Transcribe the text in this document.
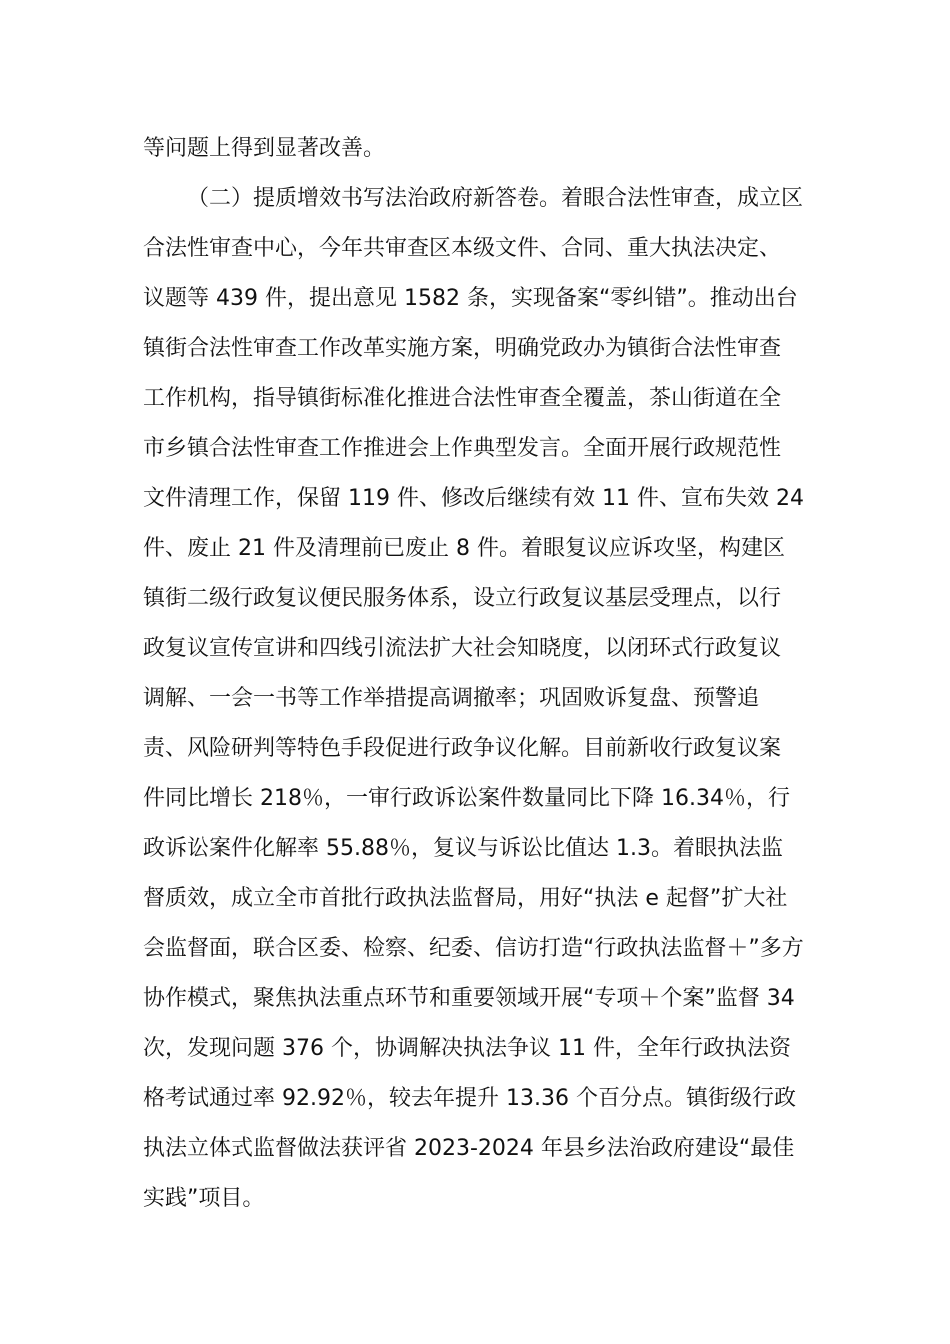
等问题上得到显著改善。
（二）提质增效书写法治政府新答卷。着眼合法性审查，成立区
合法性审查中心，今年共审查区本级文件、合同、重大执法决定、
议题等 439 件，提出意见 1582 条，实现备案“零纠错”。推动出台
镇街合法性审查工作改革实施方案，明确党政办为镇街合法性审查
工作机构，指导镇街标准化推进合法性审查全覆盖，茶山街道在全
市乡镇合法性审查工作推进会上作典型发言。全面开展行政规范性
文件清理工作，保留 119 件、修改后继续有效 11 件、宣布失效 24
件、废止 21 件及清理前已废止 8 件。着眼复议应诉攻坚，构建区
镇街二级行政复议便民服务体系，设立行政复议基层受理点，以行
政复议宣传宣讲和四线引流法扩大社会知晓度，以闭环式行政复议
调解、一会一书等工作举措提高调撤率；巩固败诉复盘、预警追
责、风险研判等特色手段促进行政争议化解。目前新收行政复议案
件同比增长 218％，一审行政诉讼案件数量同比下降 16.34％，行
政诉讼案件化解率 55.88％，复议与诉讼比值达 1.3。着眼执法监
督质效，成立全市首批行政执法监督局，用好“执法 e 起督”扩大社
会监督面，联合区委、检察、纪委、信访打造“行政执法监督＋”多方
协作模式，聚焦执法重点环节和重要领域开展“专项＋个案”监督 34
次，发现问题 376 个，协调解决执法争议 11 件，全年行政执法资
格考试通过率 92.92％，较去年提升 13.36 个百分点。镇街级行政
执法立体式监督做法获评省 2023-2024 年县乡法治政府建设“最佳
实践”项目。
